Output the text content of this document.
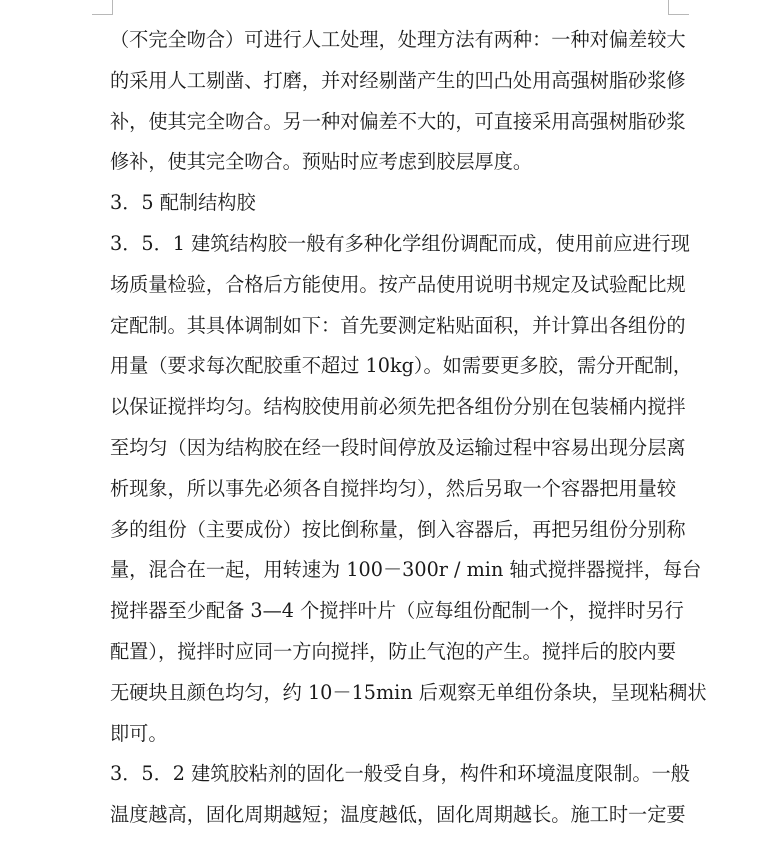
（不完全吻合）可进行人工处理，处理方法有两种：一种对偏差较大
的采用人工剔凿、打磨，并对经剔凿产生的凹凸处用高强树脂砂浆修
补，使其完全吻合。另一种对偏差不大的，可直接采用高强树脂砂浆
修补，使其完全吻合。预贴时应考虑到胶层厚度。
3．5 配制结构胶
3．5．1 建筑结构胶一般有多种化学组份调配而成，使用前应进行现
场质量检验，合格后方能使用。按产品使用说明书规定及试验配比规
定配制。其具体调制如下：首先要测定粘贴面积，并计算出各组份的
用量（要求每次配胶重不超过 10kg）。如需要更多胶，需分开配制，
以保证搅拌均匀。结构胶使用前必须先把各组份分别在包装桶内搅拌
至均匀（因为结构胶在经一段时间停放及运输过程中容易出现分层离
析现象，所以事先必须各自搅拌均匀），然后另取一个容器把用量较
多的组份（主要成份）按比倒称量，倒入容器后，再把另组份分别称
量，混合在一起，用转速为 100－300r / min 轴式搅拌器搅拌，每台
搅拌器至少配备 3—4 个搅拌叶片（应每组份配制一个，搅拌时另行
配置），搅拌时应同一方向搅拌，防止气泡的产生。搅拌后的胶内要
无硬块且颜色均匀，约 10－15min 后观察无单组份条块，呈现粘稠状
即可。
3．5．2 建筑胶粘剂的固化一般受自身，构件和环境温度限制。一般
温度越高，固化周期越短；温度越低，固化周期越长。施工时一定要
